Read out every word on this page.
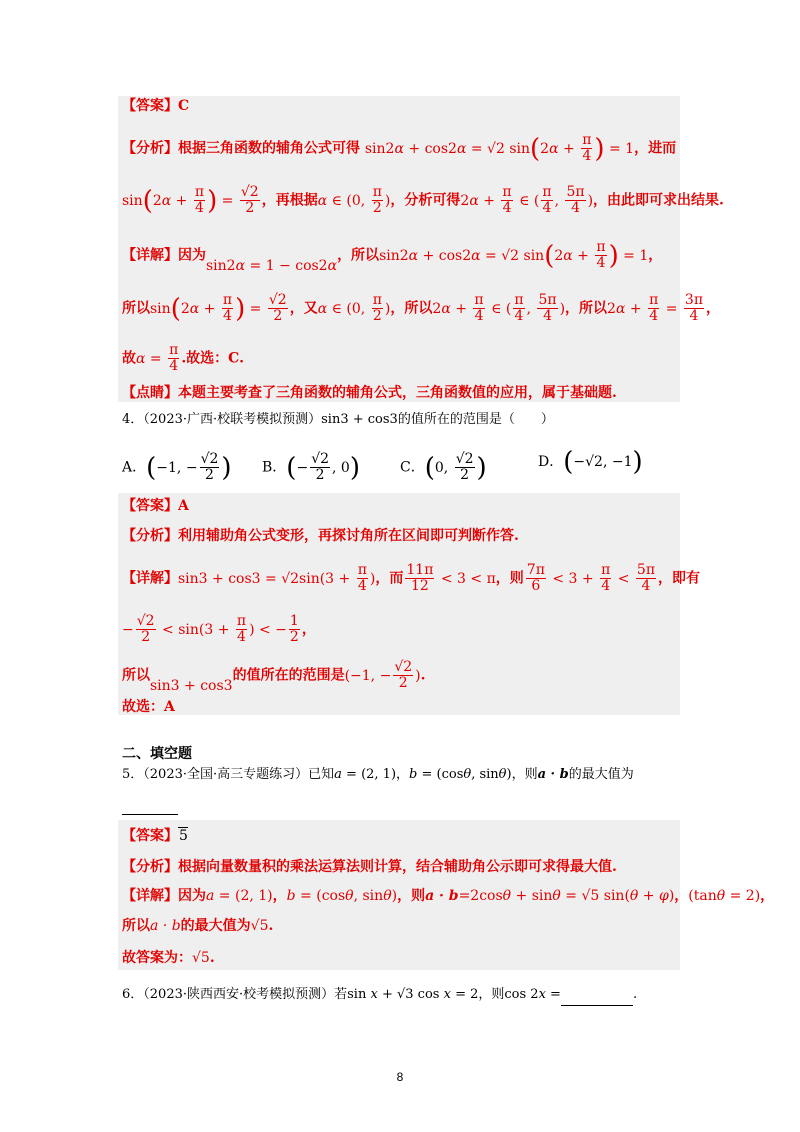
【答案】C
【分析】根据三角函数的辅角公式可得 sin2α + cos2α = √2 $\sin(2\alpha + \frac{\pi}{4}$ ) = 1，进而
$\sin(2\alpha + \frac{\pi}{4}$ ) = $\frac{√2}{2}$ ，再根据α ∈ (0, $\frac{\pi}{2}$ )，分析可得$2\alpha + \frac{\pi}{4}$ ∈ ( $\frac{\pi}{4}$ , $\frac{5\pi}{4}$ )，由此即可求出结果.
【详解】因为sin2α = 1 − cos2α，所以sin2α + cos2α = √2 $\sin(2\alpha + \frac{\pi}{4}$ ) = 1，
所以$\sin(2\alpha + \frac{\pi}{4}$ ) = $\frac{√2}{2}$ ，又α ∈ (0, $\frac{\pi}{2}$ )，所以$2\alpha + \frac{\pi}{4}$ ∈ ( $\frac{\pi}{4}$ , $\frac{5\pi}{4}$ )，所以$2\alpha + \frac{\pi}{4} = \frac{3\pi}{4}$ ，
故$\alpha = \frac{\pi}{4}$ .故选：C.
【点睛】本题主要考查了三角函数的辅角公式，三角函数值的应用，属于基础题.
4．（2023·广西·校联考模拟预测）sin3 + cos3的值所在的范围是（　　）
A．(−1, − $\frac{√2}{2}$ ) B．(− $\frac{√2}{2}$ , 0)	C．(0, $\frac{√2}{2}$ )	D．(−√2, −1)
【答案】A
【分析】利用辅助角公式变形，再探讨角所在区间即可判断作答.
【详解】$\sin 3 + \cos 3 = √2\sin(3 + \frac{\pi}{4}$ )，而 $\frac{11\pi}{12} < 3 < \pi$，则 $\frac{7\pi}{6} < 3 + \frac{\pi}{4} < \frac{5\pi}{4}$ ，即有
− $\frac{√2}{2} < \sin(3 + \frac{\pi}{4}$ ) < − $\frac{1}{2}$ ，
所以sin3 + cos3的值所在的范围是(−1, − $\frac{√2}{2}$ ).
故选：A
二、填空题
5．（2023·全国·高三专题练习）已知a = (2, 1)，b = (cosθ, sinθ)，则a · b的最大值为

【答案】5
【分析】根据向量数量积的乘法运算法则计算，结合辅助角公示即可求得最大值.
【详解】因为a = (2, 1)，b = (cosθ, sinθ)，则a · b=2cosθ + sinθ = √5 sin(θ + φ)，(tanθ = 2)，
所以a · b的最大值为√5.
故答案为：√5.
6．（2023·陕西西安·校考模拟预测）若sin x + √3 cos x = 2，则cos 2x =	.
8
